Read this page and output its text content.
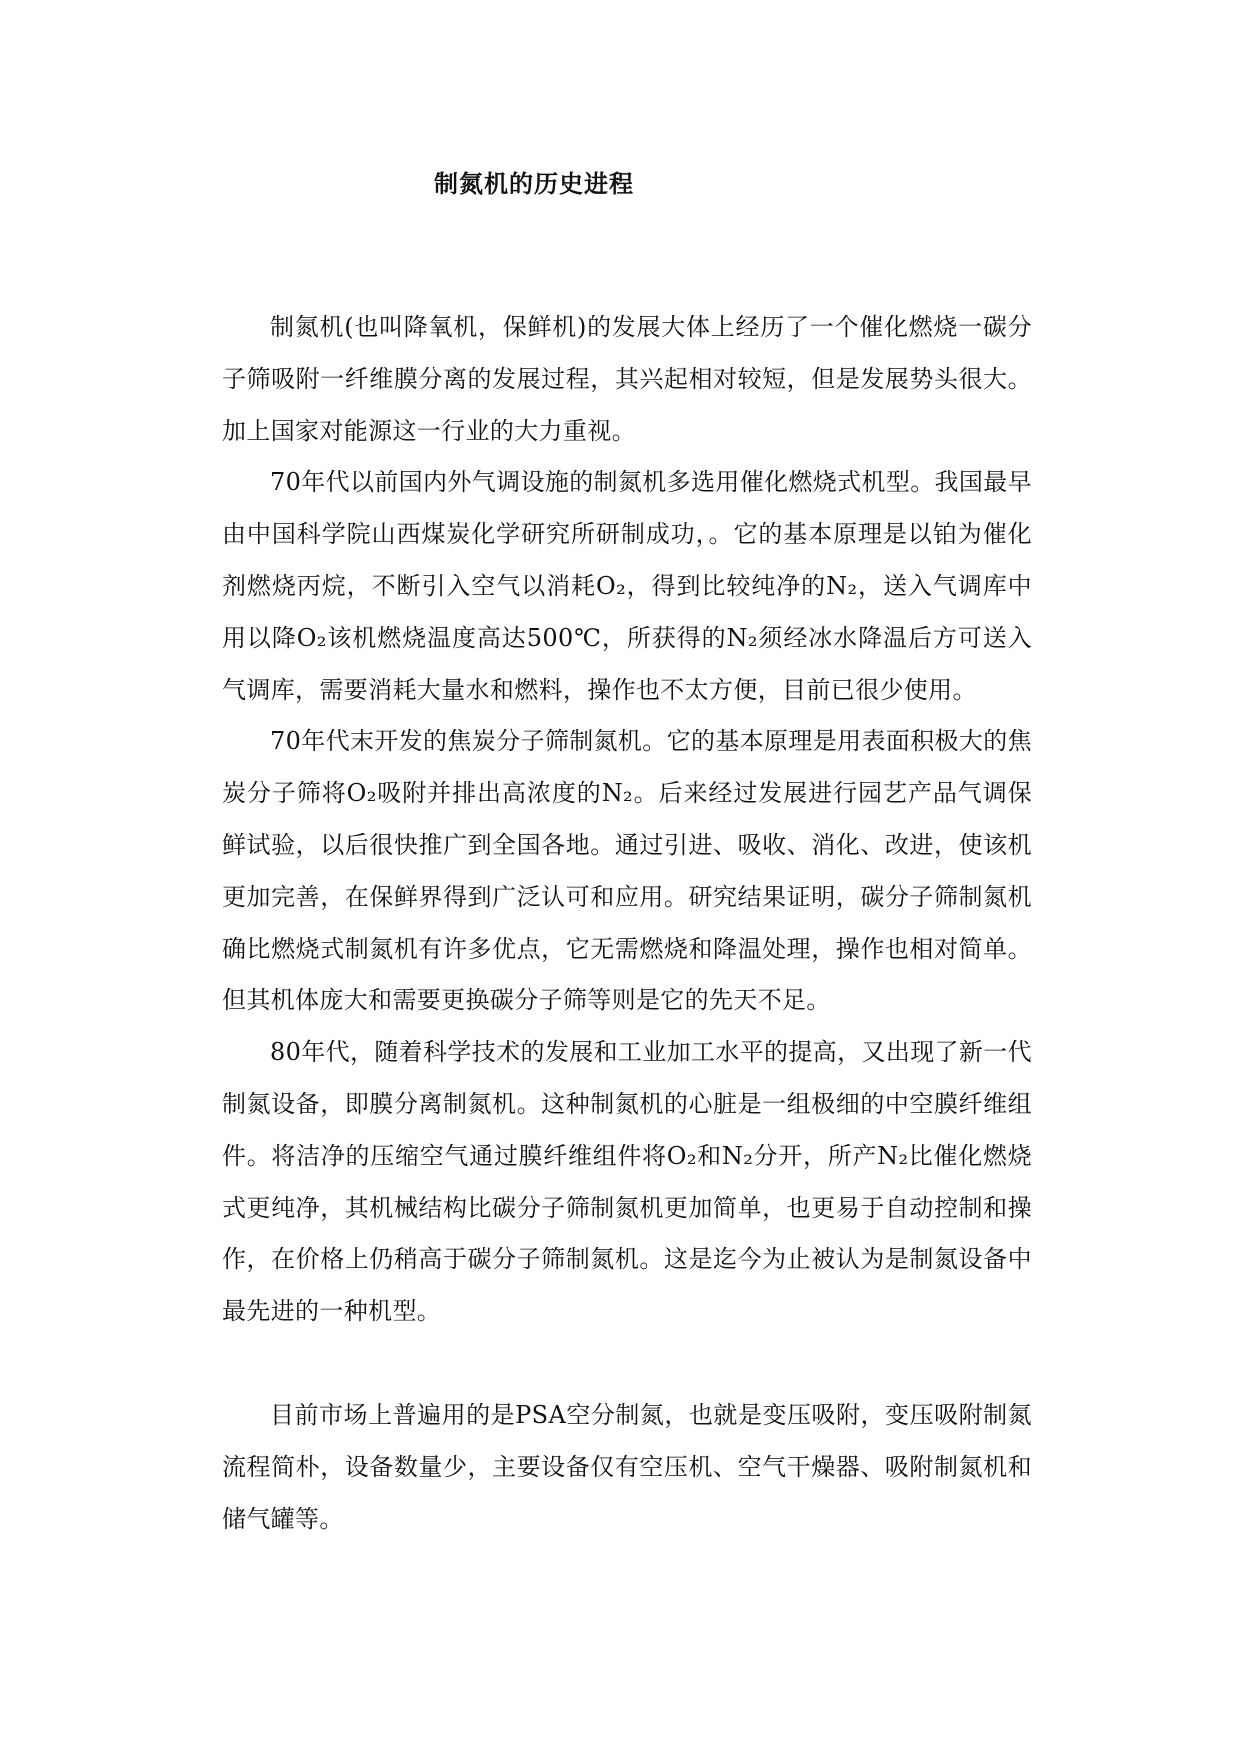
制氮机的历史进程

制氮机(也叫降氧机，保鲜机)的发展大体上经历了一个催化燃烧一碳分子筛吸附一纤维膜分离的发展过程，其兴起相对较短，但是发展势头很大。加上国家对能源这一行业的大力重视。

70年代以前国内外气调设施的制氮机多选用催化燃烧式机型。我国最早由中国科学院山西煤炭化学研究所研制成功，。它的基本原理是以铂为催化剂燃烧丙烷，不断引入空气以消耗O₂，得到比较纯净的N₂，送入气调库中用以降O₂该机燃烧温度高达500℃，所获得的N₂须经冰水降温后方可送入气调库，需要消耗大量水和燃料，操作也不太方便，目前已很少使用。

70年代末开发的焦炭分子筛制氮机。它的基本原理是用表面积极大的焦炭分子筛将O₂吸附并排出高浓度的N₂。后来经过发展进行园艺产品气调保鲜试验，以后很快推广到全国各地。通过引进、吸收、消化、改进，使该机更加完善，在保鲜界得到广泛认可和应用。研究结果证明，碳分子筛制氮机确比燃烧式制氮机有许多优点，它无需燃烧和降温处理，操作也相对简单。但其机体庞大和需要更换碳分子筛等则是它的先天不足。

80年代，随着科学技术的发展和工业加工水平的提高，又出现了新一代制氮设备，即膜分离制氮机。这种制氮机的心脏是一组极细的中空膜纤维组件。将洁净的压缩空气通过膜纤维组件将O₂和N₂分开，所产N₂比催化燃烧式更纯净，其机械结构比碳分子筛制氮机更加简单，也更易于自动控制和操作，在价格上仍稍高于碳分子筛制氮机。这是迄今为止被认为是制氮设备中最先进的一种机型。

目前市场上普遍用的是PSA空分制氮，也就是变压吸附，变压吸附制氮流程简朴，设备数量少，主要设备仅有空压机、空气干燥器、吸附制氮机和储气罐等。
